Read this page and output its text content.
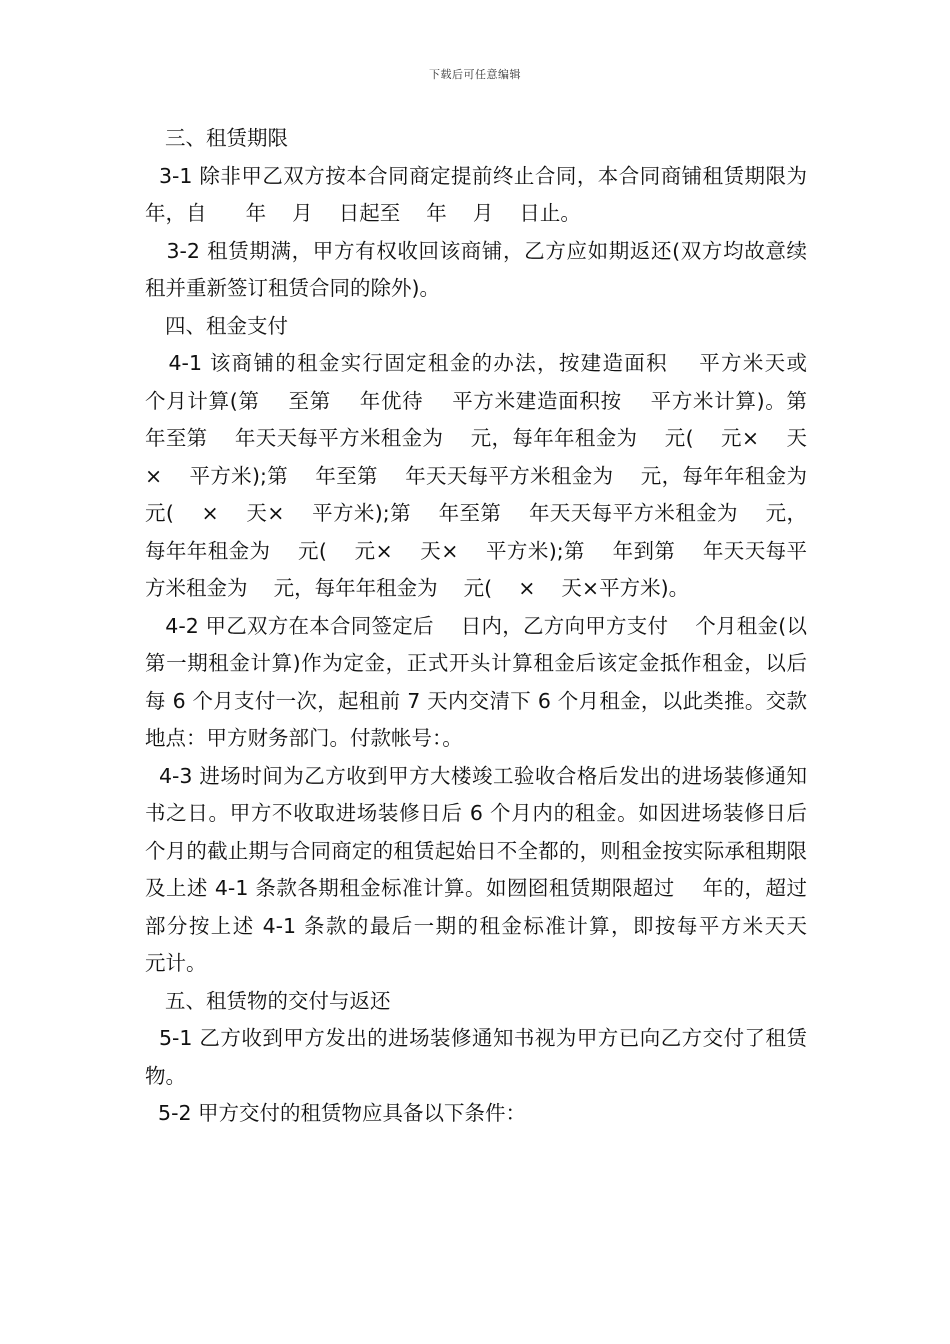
下载后可任意编辑

三、租赁期限

3-1 除非甲乙双方按本合同商定提前终止合同，本合同商铺租赁期限为    年，自      年    月    日起至    年    月    日止。

3-2 租赁期满，甲方有权收回该商铺，乙方应如期返还(双方均故意续租并重新签订租赁合同的除外)。

四、租金支付

4-1 该商铺的租金实行固定租金的办法，按建造面积    平方米天或    个月计算(第    至第    年优待    平方米建造面积按    平方米计算)。第    年至第    年天天每平方米租金为    元，每年年租金为    元(    元×    天×    平方米);第    年至第    年天天每平方米租金为    元，每年年租金为      元(    ×    天×    平方米);第    年至第    年天天每平方米租金为    元，每年年租金为    元(    元×    天×    平方米);第    年到第    年天天每平方米租金为    元，每年年租金为    元(    ×    天×平方米)。

4-2 甲乙双方在本合同签定后    日内，乙方向甲方支付    个月租金(以第一期租金计算)作为定金，正式开头计算租金后该定金抵作租金，以后每 6 个月支付一次，起租前 7 天内交清下 6 个月租金，以此类推。交款地点：甲方财务部门。付款帐号：。

4-3 进场时间为乙方收到甲方大楼竣工验收合格后发出的进场装修通知书之日。甲方不收取进场装修日后 6 个月内的租金。如因进场装修日后    个月的截止期与合同商定的租赁起始日不全都的，则租金按实际承租期限及上述 4-1 条款各期租金标准计算。如囫囵租赁期限超过    年的，超过部分按上述 4-1 条款的最后一期的租金标准计算，即按每平方米天天    元计。

五、租赁物的交付与返还

5-1 乙方收到甲方发出的进场装修通知书视为甲方已向乙方交付了租赁物。

5-2 甲方交付的租赁物应具备以下条件：
